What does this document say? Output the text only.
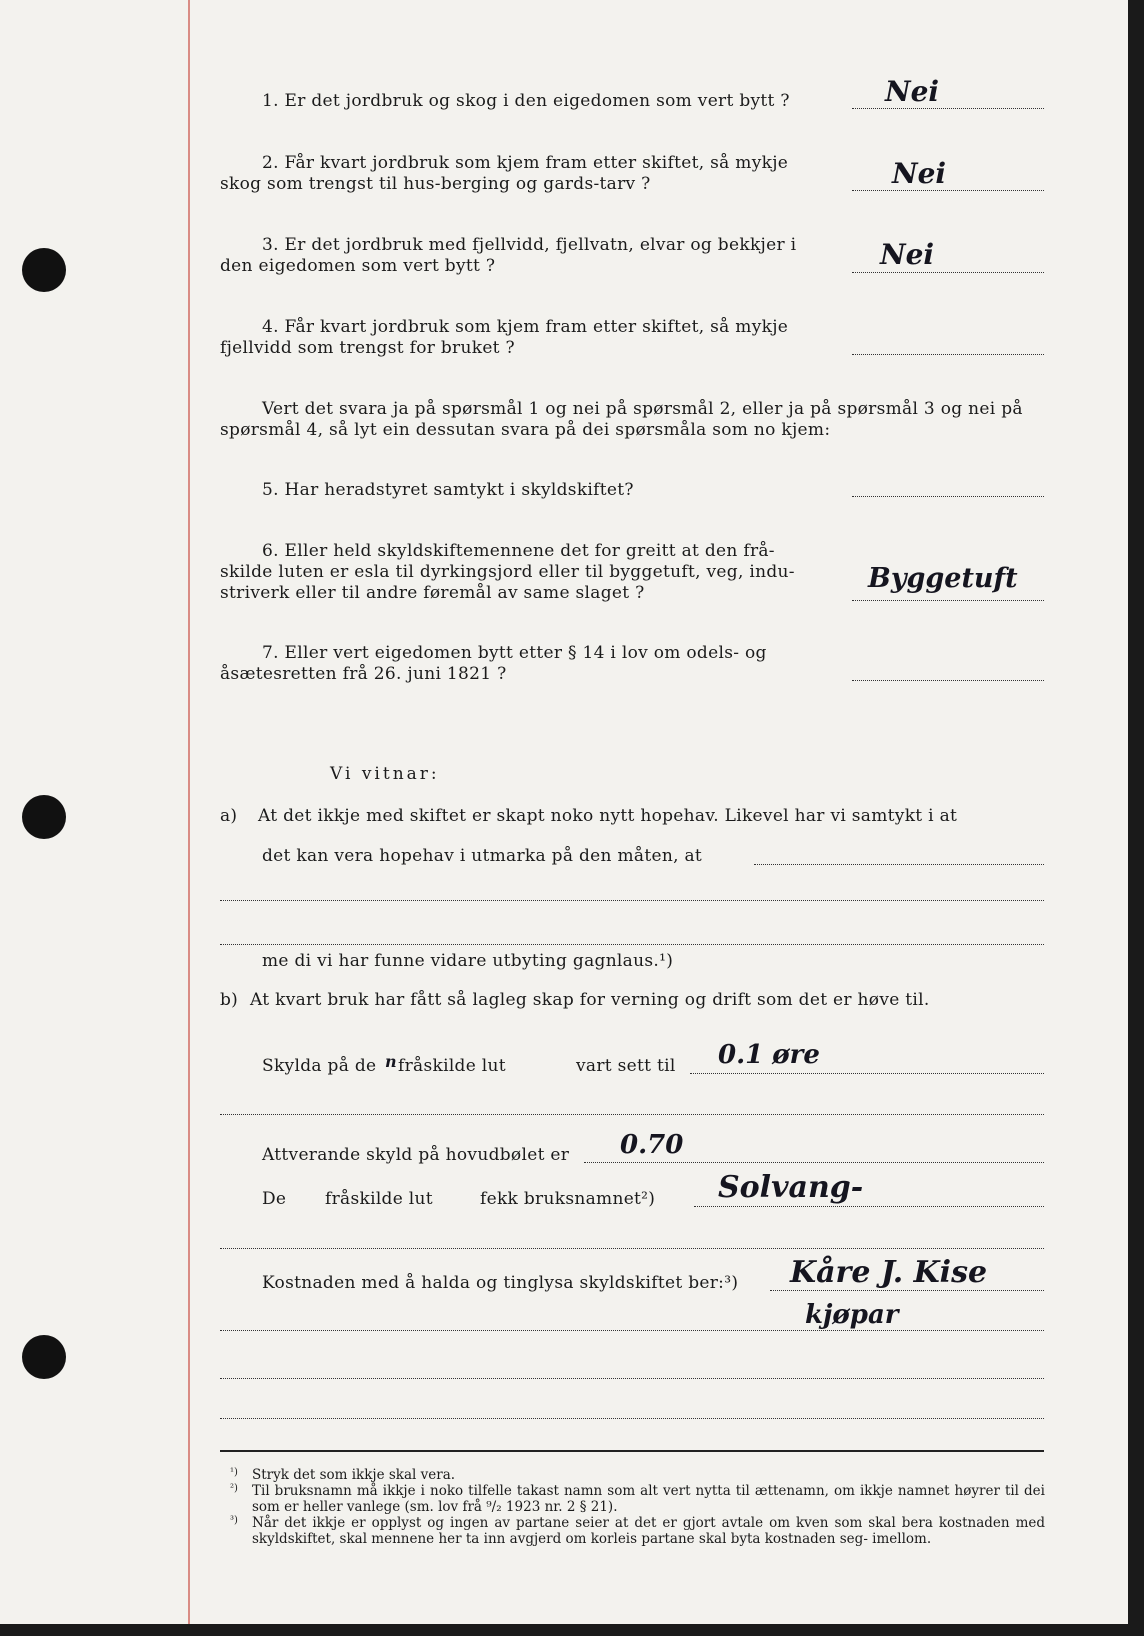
1. Er det jordbruk og skog i den eigedomen som vert bytt ?	Nei
2. Får kvart jordbruk som kjem fram etter skiftet, så mykje
skog som trengst til hus-berging og gards-tarv ?	Nei
3. Er det jordbruk med fjellvidd, fjellvatn, elvar og bekkjer i
den eigedomen som vert bytt ?	Nei
4. Får kvart jordbruk som kjem fram etter skiftet, så mykje
fjellvidd som trengst for bruket ?
Vert det svara ja på spørsmål 1 og nei på spørsmål 2, eller ja på spørsmål 3 og nei på
spørsmål 4, så lyt ein dessutan svara på dei spørsmåla som no kjem:
5. Har heradstyret samtykt i skyldskiftet?
6. Eller held skyldskiftemennene det for greitt at den frå-
skilde luten er esla til dyrkingsjord eller til byggetuft, veg, indu-
striverk eller til andre føremål av same slaget ?	Byggetuft
7. Eller vert eigedomen bytt etter § 14 i lov om odels- og
åsætesretten frå 26. juni 1821 ?
Vi vitnar:
a) At det ikkje med skiftet er skapt noko nytt hopehav. Likevel har vi samtykt i at
det kan vera hopehav i utmarka på den måten, at
me di vi har funne vidare utbyting gagnlaus.¹)
b) At kvart bruk har fått så lagleg skap for verning og drift som det er høve til.
Skylda på de n fråskilde lut	vart sett til 0.1 øre
Attverande skyld på hovudbølet er 0.70
De fråskilde lut	fekk bruksnamnet²) Solvang-
Kostnaden med å halda og tinglysa skyldskiftet ber:³) Kåre J. Kise
kjøpar
¹)	Stryk det som ikkje skal vera.
²)	Til bruksnamn må ikkje i noko tilfelle takast namn som alt vert nytta til ættenamn, om ikkje namnet høyrer til dei som er heller vanlege (sm. lov frå ⁹/₂ 1923 nr. 2 § 21).
³)	Når det ikkje er opplyst og ingen av partane seier at det er gjort avtale om kven som skal bera kostnaden med skyldskiftet, skal mennene her ta inn avgjerd om korleis partane skal byta kostnaden seg- imellom.
